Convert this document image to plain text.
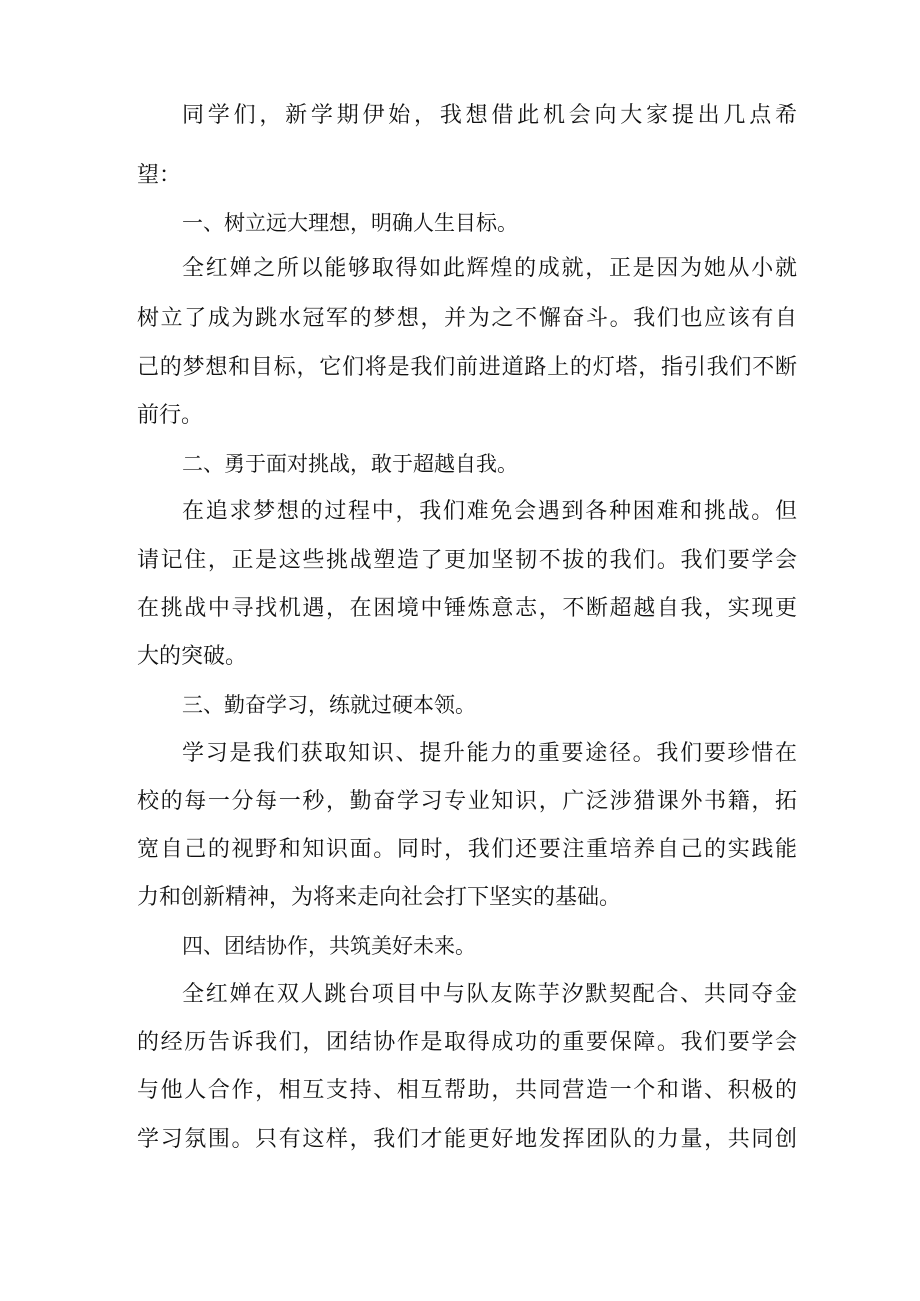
同学们，新学期伊始，我想借此机会向大家提出几点希
望：
一、树立远大理想，明确人生目标。
全红婵之所以能够取得如此辉煌的成就，正是因为她从小就
树立了成为跳水冠军的梦想，并为之不懈奋斗。我们也应该有自
己的梦想和目标，它们将是我们前进道路上的灯塔，指引我们不断
前行。
二、勇于面对挑战，敢于超越自我。
在追求梦想的过程中，我们难免会遇到各种困难和挑战。但
请记住，正是这些挑战塑造了更加坚韧不拔的我们。我们要学会
在挑战中寻找机遇，在困境中锤炼意志，不断超越自我，实现更
大的突破。
三、勤奋学习，练就过硬本领。
学习是我们获取知识、提升能力的重要途径。我们要珍惜在
校的每一分每一秒，勤奋学习专业知识，广泛涉猎课外书籍，拓
宽自己的视野和知识面。同时，我们还要注重培养自己的实践能
力和创新精神，为将来走向社会打下坚实的基础。
四、团结协作，共筑美好未来。
全红婵在双人跳台项目中与队友陈芋汐默契配合、共同夺金
的经历告诉我们，团结协作是取得成功的重要保障。我们要学会
与他人合作，相互支持、相互帮助，共同营造一个和谐、积极的
学习氛围。只有这样，我们才能更好地发挥团队的力量，共同创
